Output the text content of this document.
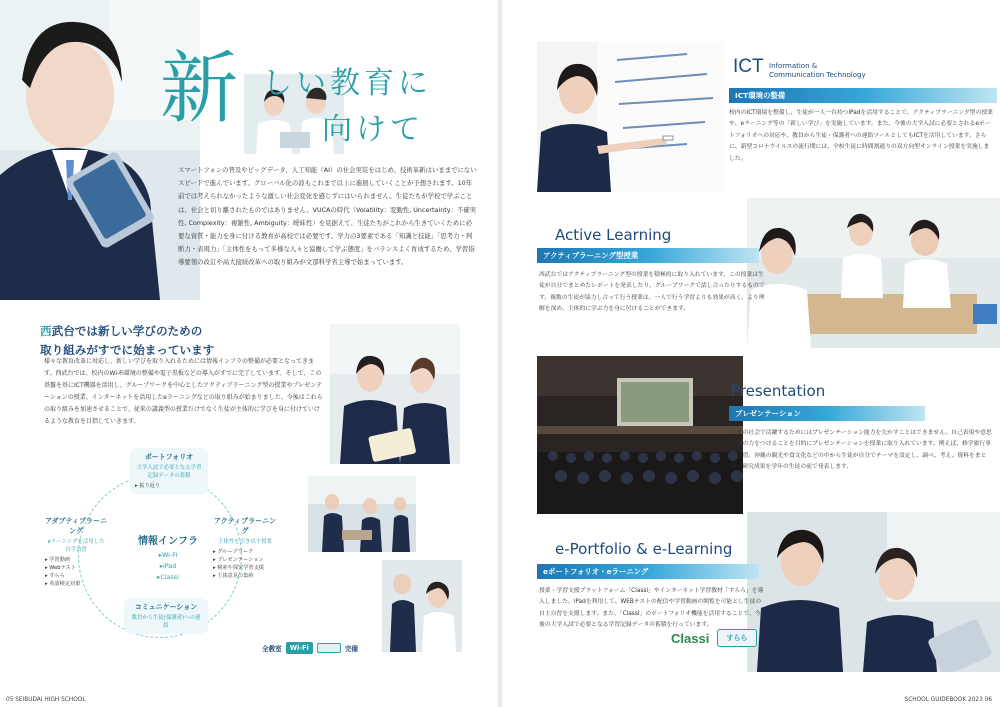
新 しい教育に
向けて

スマートフォンの普及やビッグデータ、人工知能（AI）の社会実装をはじめ、技術革新はいままでにないスピードで進んでいます。グローバル化の波もこれまで以上に進展していくことが予想されます。10年前では考えられなかったような激しい社会変化を感じずにはいられません。生徒たちが学校で学ぶことは、社会と切り離されたものではありません。VUCAの時代（Volatility：変動性, Uncertainty：不確実性, Complexity：複雑性, Ambiguity：曖昧性）を見据えて、生徒たちがこれから生きていくために必要な資質・能力を身に付ける教育が高校では必要です。学力の3要素である「知識と技能」「思考力・判断力・表現力」「主体性をもって多様な人々と協働して学ぶ態度」をバランスよく育成するため、学習指導要領の改訂や高大接続改革への取り組みが文部科学省主導で始まっています。

西武台では新しい学びのための
取り組みがすでに始まっています

様々な教育改革に対応し、新しい学びを取り入れるためには情報インフラの整備が必要となってきます。西武台では、校内のWi-Fi環境の整備や電子黒板などの導入がすでに完了しています。そして、この基盤を基にICT機器を活用し、グループワークを中心としたアクティブラーニング型の授業やプレゼンテーションの授業、インターネットを活用したeラーニングなどの取り組みが始まりました。今後はこれらの取り組みを加速させることで、従来の講義型の授業だけでなく生徒が主体的に学びを身に付けていけるような教育を目指していきます。

ポートフォリオ
大学入試で必要となる学習記録データの蓄積
▸ 振り返り
アダプティブラーニング
eラーニングを活用した自学自習
▸ 学習動画
▸ Webテスト
▸ すらら
▸ 英語検定対策
アクティブラーニング
主体性を引き出す授業
▸ グループワーク
▸ プレゼンテーション
▸ 検索や探究学習支援
▸ 主体意見の集約
情報インフラ
▸Wi-Fi
▸iPad
▸Classi
コミュニケーション
教員から生徒(保護者)への連絡
全教室	Wi-Fi	完備
05 SEIBUDAI HIGH SCHOOL
ICT Information &
Communication Technology
ICT環境の整備

校内のICT環境を整備し、生徒が一人一台持つiPadを活用することで、アクティブラーニング型の授業や、eラーニング等の「新しい学び」を実施しています。また、今後の大学入試に必要とされるeポートフォリオへの対応や、教員から生徒・保護者への連絡ツールとしてもICTを活用しています。さらに、新型コロナウイルスの流行期には、全校生徒に時間割通りの双方向型オンライン授業を実施しました。

Active Learning
アクティブラーニング型授業

西武台ではアクティブラーニング型の授業を積極的に取り入れています。この授業は生徒が自分でまとめたレポートを発表したり、グループワークで話し合ったりするものです。複数の生徒が協力し合って行う授業は、一人で行う学習よりも効果が高く、より理解を深め、主体的に学ぶ力を身に付けることができます。

Presentation
プレゼンテーション

いまの社会で活躍するためにはプレゼンテーション能力を欠かすことはできません。自己表現や意思伝達の力をつけることを目的にプレゼンテーションを授業に取り入れています。例えば、修学旅行事前学習。沖縄の観光や食文化などの中から生徒が自分でテーマを設定し、調べ、考え、資料をまとめ、研究成果を学年の生徒の前で発表します。

e-Portfolio & e-Learning
eポートフォリオ・eラーニング

授業・学習支援プラットフォーム「Classi」やインターネット学習教材「すらら」を導入しました。iPadを利用して、WEBテストの配信や学習動画の閲覧を可能とし生徒の自主自習を支援します。また、「Classi」のポートフォリオ機能を活用することで、今後の大学入試で必要となる学習記録データの蓄積を行っています。

Classi	すらら
SCHOOL GUIDEBOOK 2023 06
